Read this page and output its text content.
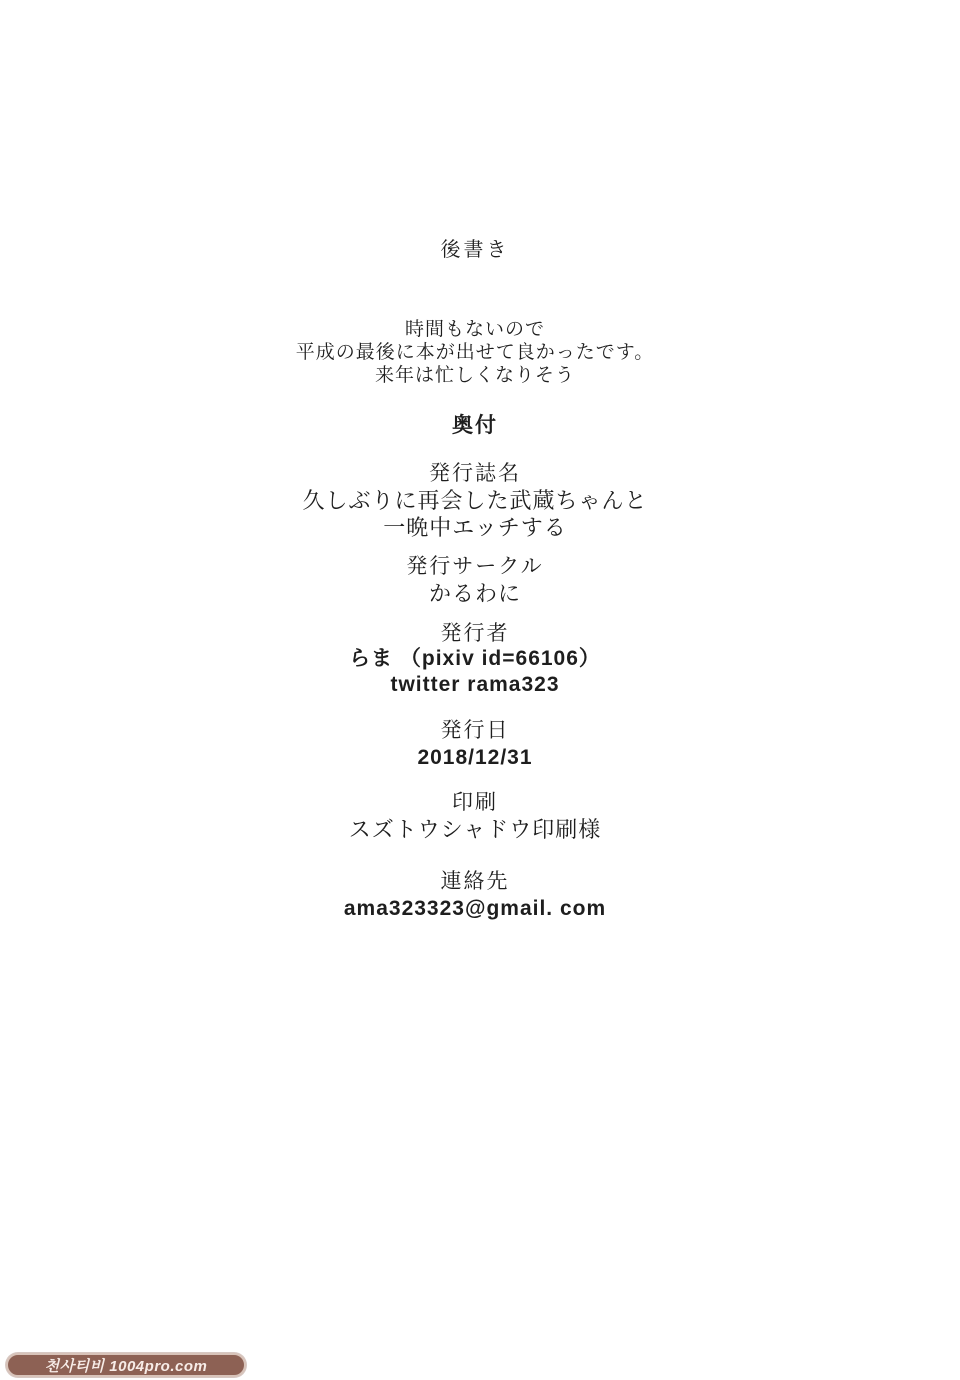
後書き
時間もないので
平成の最後に本が出せて良かったです。
来年は忙しくなりそう
奥付
発行誌名
久しぶりに再会した武蔵ちゃんと
一晩中エッチする
発行サークル
かるわに
発行者
らま （pixiv id=66106）
twitter rama323
発行日
2018/12/31
印刷
スズトウシャドウ印刷様
連絡先
ama323323@gmail. com
천사티비 1004pro.com
